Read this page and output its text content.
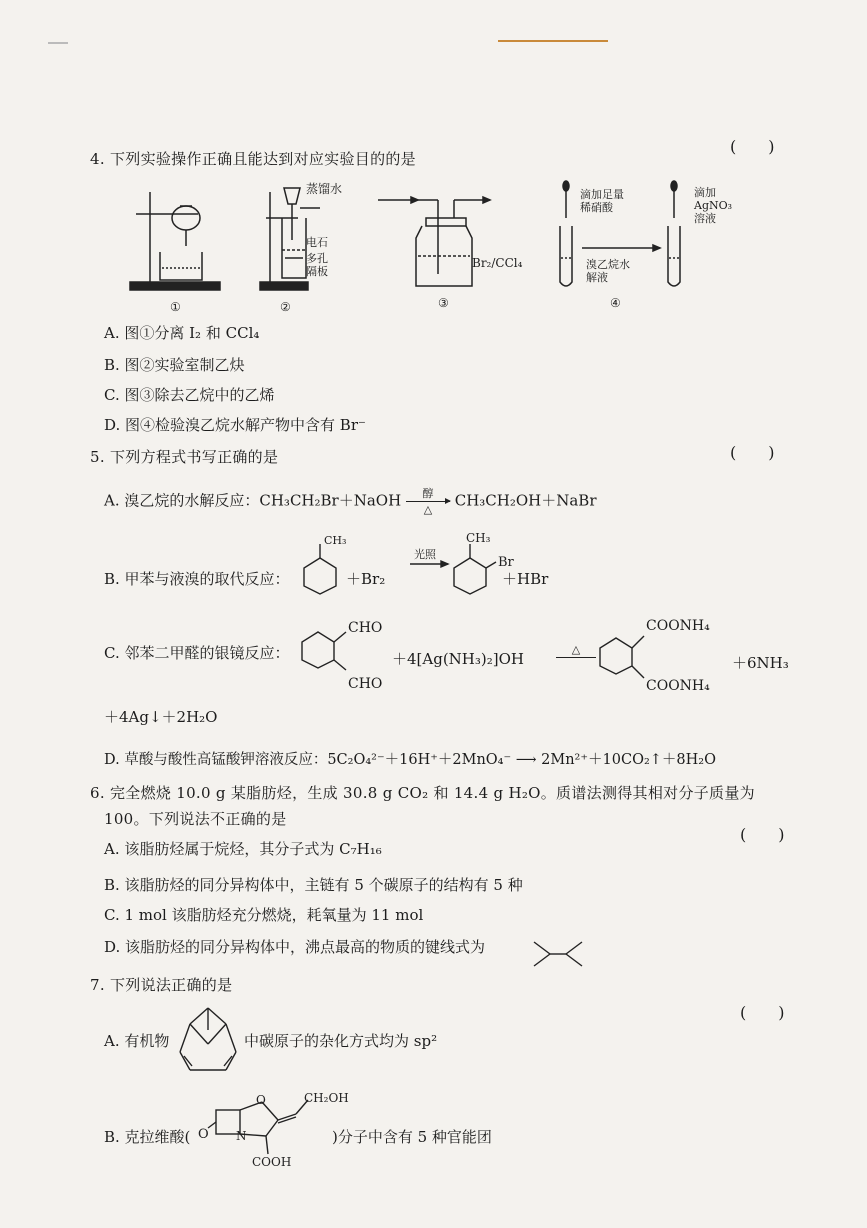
4. 下列实验操作正确且能达到对应实验目的的是
(　　)
①	②	③	④
蒸馏水
电石
多孔隔板
Br₂/CCl₄
滴加足量稀硝酸
溴乙烷水解液
滴加AgNO₃溶液
A. 图①分离 I₂ 和 CCl₄
B. 图②实验室制乙炔
C. 图③除去乙烷中的乙烯
D. 图④检验溴乙烷水解产物中含有 Br⁻
5. 下列方程式书写正确的是	(　　)
A. 溴乙烷的水解反应：CH₃CH₂Br＋NaOH	醇
△	CH₃CH₂OH＋NaBr
B. 甲苯与液溴的取代反应：
CH₃	CH₃
Br
光照
＋Br₂	＋HBr
C. 邻苯二甲醛的银镜反应：
CHO
CHO
＋4[Ag(NH₃)₂]OH
△
COONH₄
COONH₄
＋6NH₃
＋4Ag↓＋2H₂O
D. 草酸与酸性高锰酸钾溶液反应：5C₂O₄²⁻＋16H⁺＋2MnO₄⁻ ⟶ 2Mn²⁺＋10CO₂↑＋8H₂O
6. 完全燃烧 10.0 g 某脂肪烃，生成 30.8 g CO₂ 和 14.4 g H₂O。质谱法测得其相对分子质量为
100。下列说法不正确的是
(　　)
A. 该脂肪烃属于烷烃，其分子式为 C₇H₁₆
B. 该脂肪烃的同分异构体中，主链有 5 个碳原子的结构有 5 种
C. 1 mol 该脂肪烃充分燃烧，耗氧量为 11 mol
D. 该脂肪烃的同分异构体中，沸点最高的物质的键线式为
7. 下列说法正确的是
(　　)
A. 有机物	中碳原子的杂化方式均为 sp²
B. 克拉维酸( O N
O	CH₂OH
COOH
)分子中含有 5 种官能团
